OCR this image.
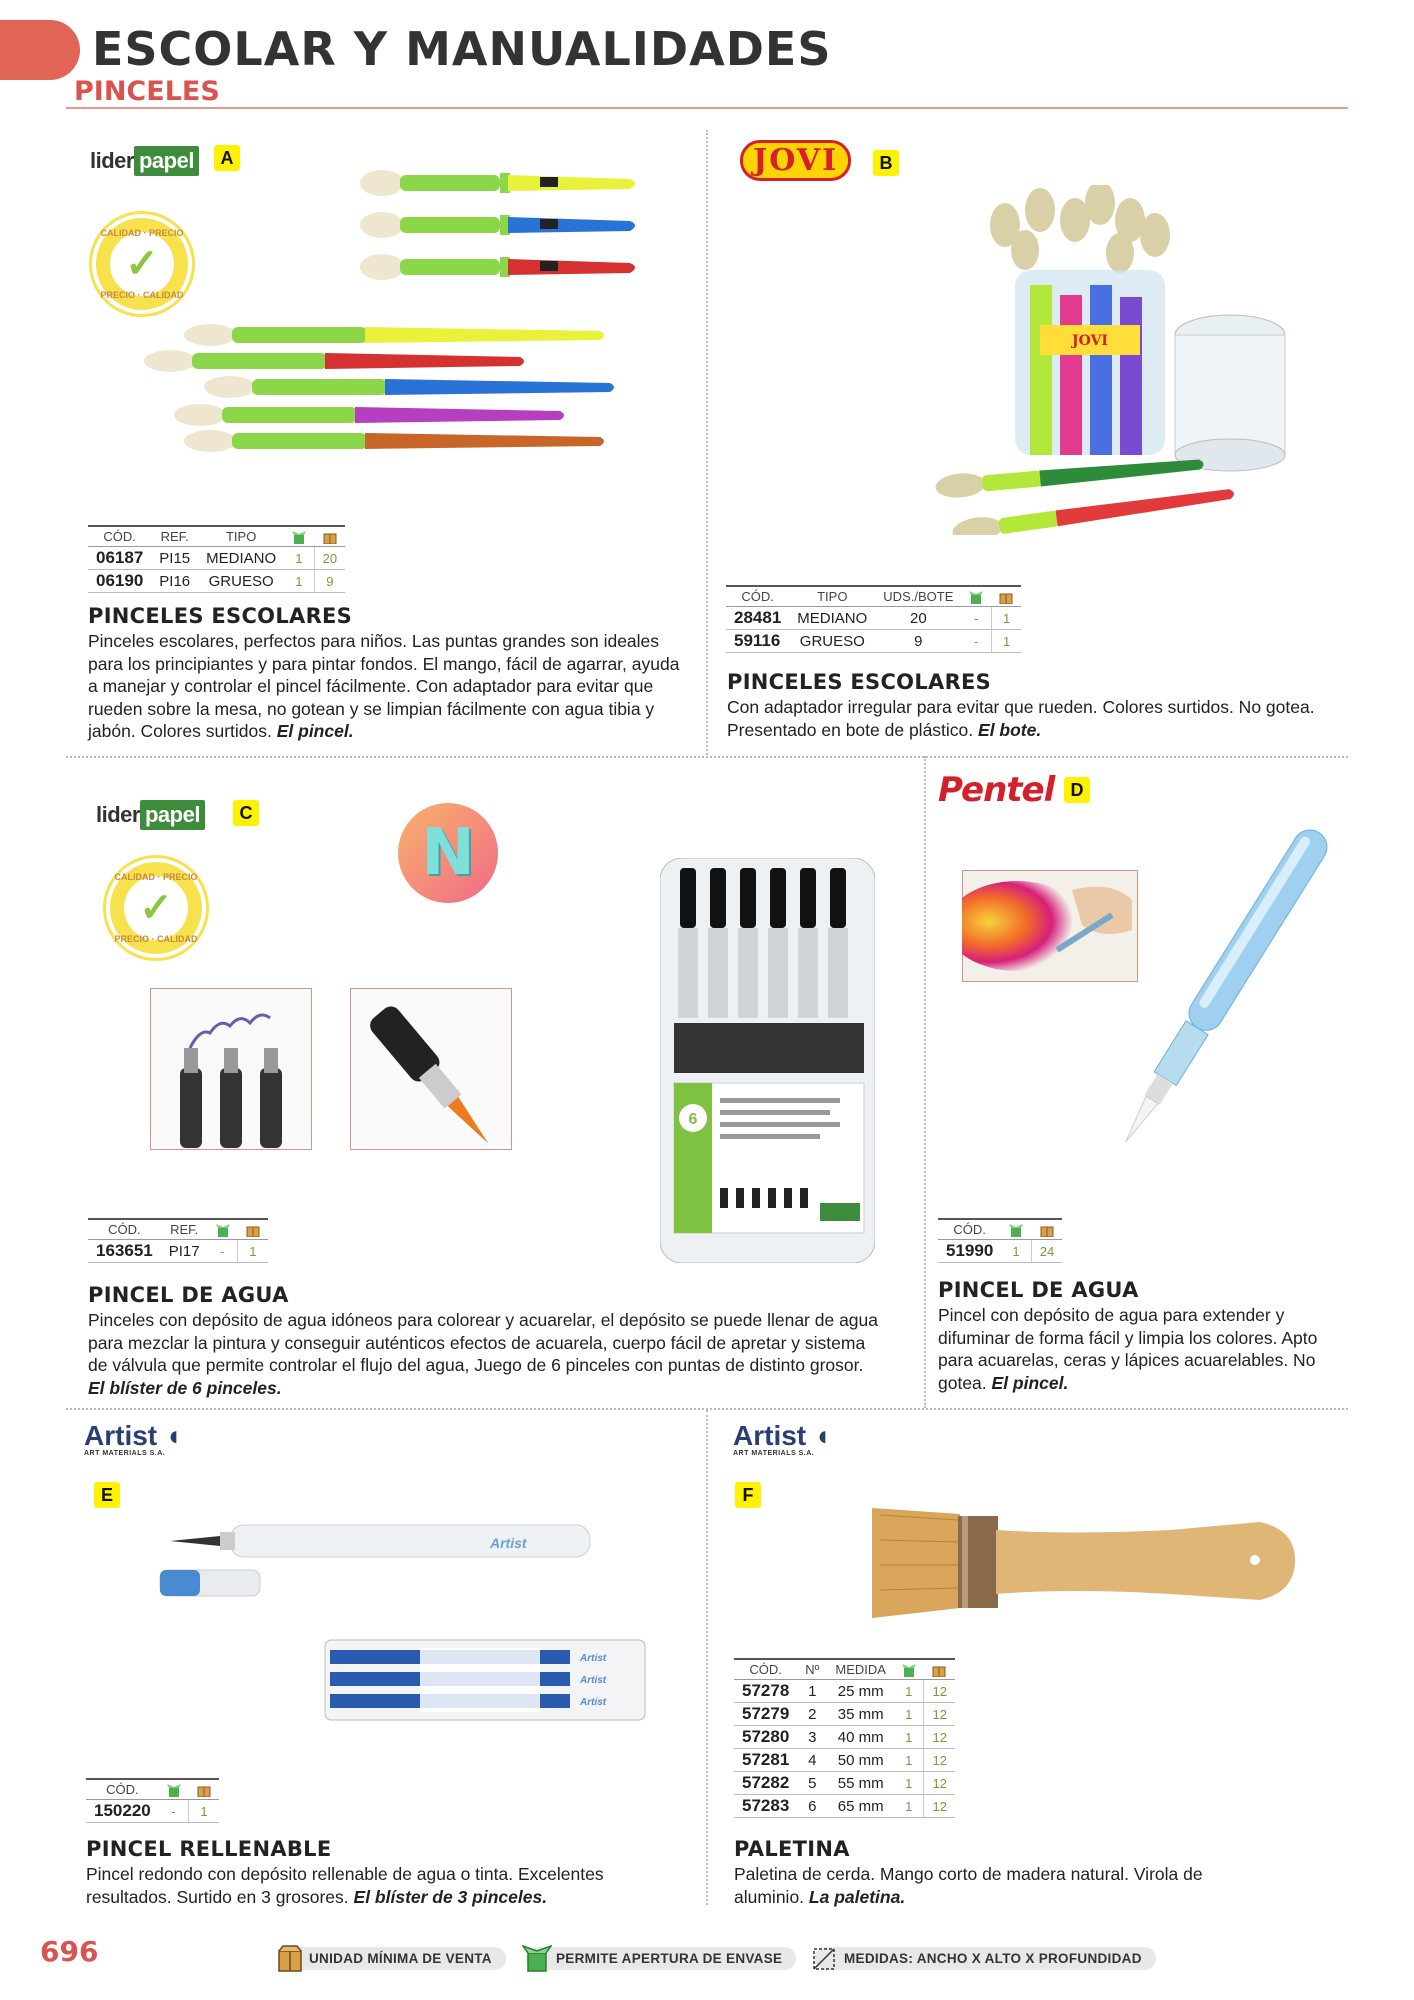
ESCOLAR Y MANUALIDADES
PINCELES
lider papel	A
CALIDAD · PRECIO
✓
PRECIO · CALIDAD
CÓD.	REF.	TIPO		
06187	PI15	MEDIANO	1	20
06190	PI16	GRUESO	1	9
PINCELES ESCOLARES
Pinceles escolares, perfectos para niños. Las puntas grandes son ideales para los principiantes y para pintar fondos. El mango, fácil de agarrar, ayuda a manejar y controlar el pincel fácilmente. Con adaptador para evitar que rueden sobre la mesa, no gotean y se limpian fácilmente con agua tibia y jabón. Colores surtidos. El pincel.
JOVI	B
JOVI
CÓD.	TIPO	UDS./BOTE		
28481	MEDIANO	20	-	1
59116	GRUESO	9	-	1
PINCELES ESCOLARES
Con adaptador irregular para evitar que rueden. Colores surtidos. No gotea. Presentado en bote de plástico. El bote.
lider papel	C
CALIDAD · PRECIO
✓
PRECIO · CALIDAD
N
6
CÓD.	REF.		
163651	PI17	-	1
PINCEL DE AGUA
Pinceles con depósito de agua idóneos para colorear y acuarelar, el depósito se puede llenar de agua para mezclar la pintura y conseguir auténticos efectos de acuarela, cuerpo fácil de apretar y sistema de válvula que permite controlar el flujo del agua, Juego de 6 pinceles con puntas de distinto grosor. El blíster de 6 pinceles.
Pentel D
CÓD.		
51990	1	24
PINCEL DE AGUA
Pincel con depósito de agua para extender y difuminar de forma fácil y limpia los colores. Apto para acuarelas, ceras y lápices acuarelables. No gotea. El pincel.
Artist ◖
ART MATERIALS S.A.
E
Artist
Artist
Artist
Artist
CÓD.		
150220	-	1
PINCEL RELLENABLE
Pincel redondo con depósito rellenable de agua o tinta. Excelentes resultados. Surtido en 3 grosores. El blíster de 3 pinceles.
Artist ◖
ART MATERIALS S.A.
F
CÓD.	Nº	MEDIDA		
57278	1	25 mm	1	12
57279	2	35 mm	1	12
57280	3	40 mm	1	12
57281	4	50 mm	1	12
57282	5	55 mm	1	12
57283	6	65 mm	1	12
PALETINA
Paletina de cerda. Mango corto de madera natural. Virola de aluminio. La paletina.
696	UNIDAD MÍNIMA DE VENTA	PERMITE APERTURA DE ENVASE	MEDIDAS: ANCHO X ALTO X PROFUNDIDAD
